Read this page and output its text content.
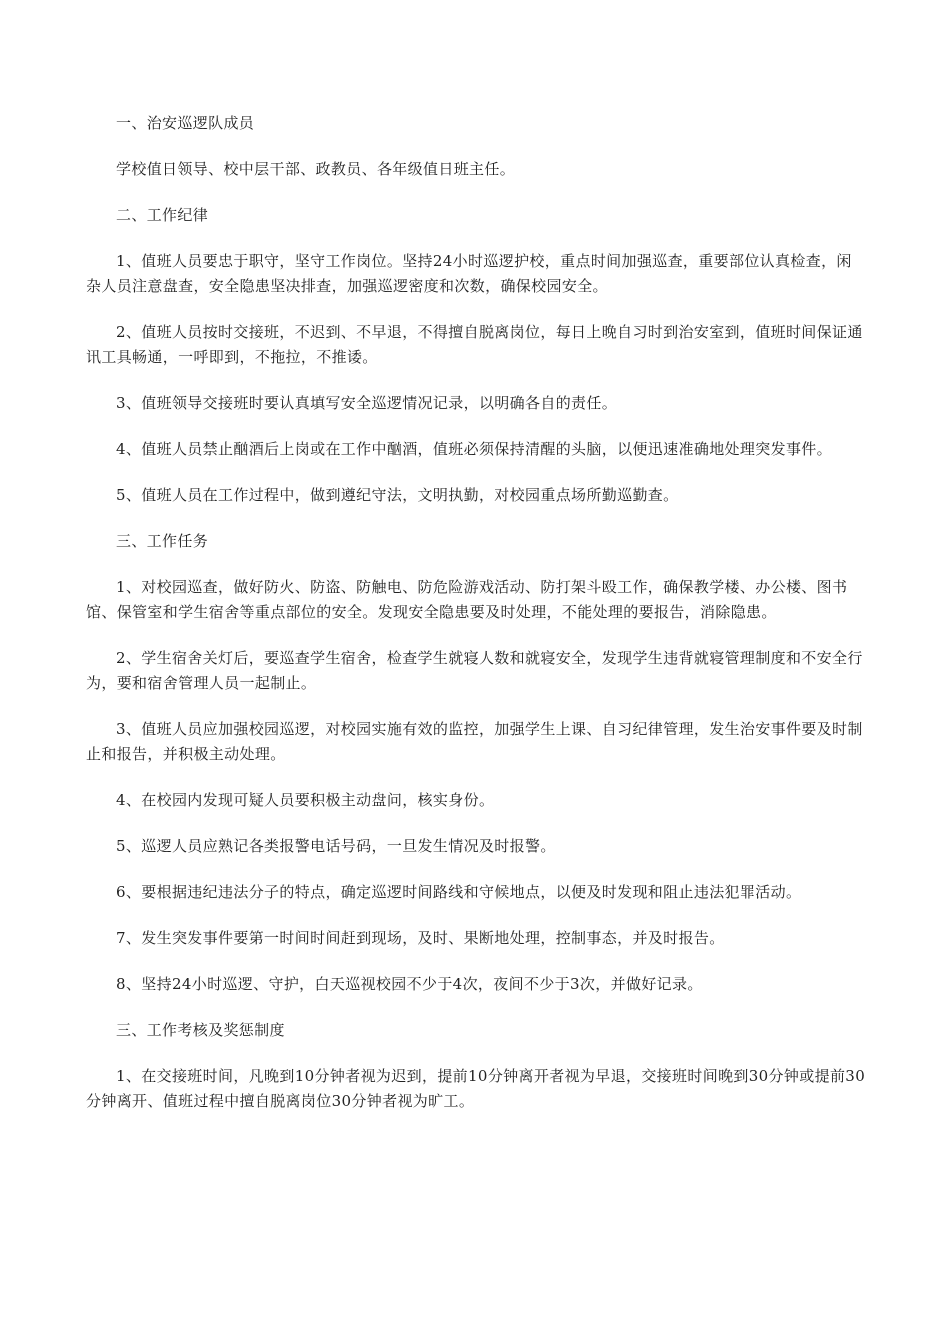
一、治安巡逻队成员

学校值日领导、校中层干部、政教员、各年级值日班主任。

二、工作纪律

1、值班人员要忠于职守，坚守工作岗位。坚持24小时巡逻护校，重点时间加强巡查，重要部位认真检查，闲杂人员注意盘查，安全隐患坚决排查，加强巡逻密度和次数，确保校园安全。

2、值班人员按时交接班，不迟到、不早退，不得擅自脱离岗位，每日上晚自习时到治安室到，值班时间保证通讯工具畅通，一呼即到，不拖拉，不推诿。

3、值班领导交接班时要认真填写安全巡逻情况记录，以明确各自的责任。

4、值班人员禁止酗酒后上岗或在工作中酗酒，值班必须保持清醒的头脑，以便迅速准确地处理突发事件。

5、值班人员在工作过程中，做到遵纪守法，文明执勤，对校园重点场所勤巡勤查。

三、工作任务

1、对校园巡查，做好防火、防盗、防触电、防危险游戏活动、防打架斗殴工作，确保教学楼、办公楼、图书馆、保管室和学生宿舍等重点部位的安全。发现安全隐患要及时处理，不能处理的要报告，消除隐患。

2、学生宿舍关灯后，要巡查学生宿舍，检查学生就寝人数和就寝安全，发现学生违背就寝管理制度和不安全行为，要和宿舍管理人员一起制止。

3、值班人员应加强校园巡逻，对校园实施有效的监控，加强学生上课、自习纪律管理，发生治安事件要及时制止和报告，并积极主动处理。

4、在校园内发现可疑人员要积极主动盘问，核实身份。

5、巡逻人员应熟记各类报警电话号码，一旦发生情况及时报警。

6、要根据违纪违法分子的特点，确定巡逻时间路线和守候地点，以便及时发现和阻止违法犯罪活动。

7、发生突发事件要第一时间时间赶到现场，及时、果断地处理，控制事态，并及时报告。

8、坚持24小时巡逻、守护，白天巡视校园不少于4次，夜间不少于3次，并做好记录。

三、工作考核及奖惩制度

1、在交接班时间，凡晚到10分钟者视为迟到，提前10分钟离开者视为早退，交接班时间晚到30分钟或提前30分钟离开、值班过程中擅自脱离岗位30分钟者视为旷工。
